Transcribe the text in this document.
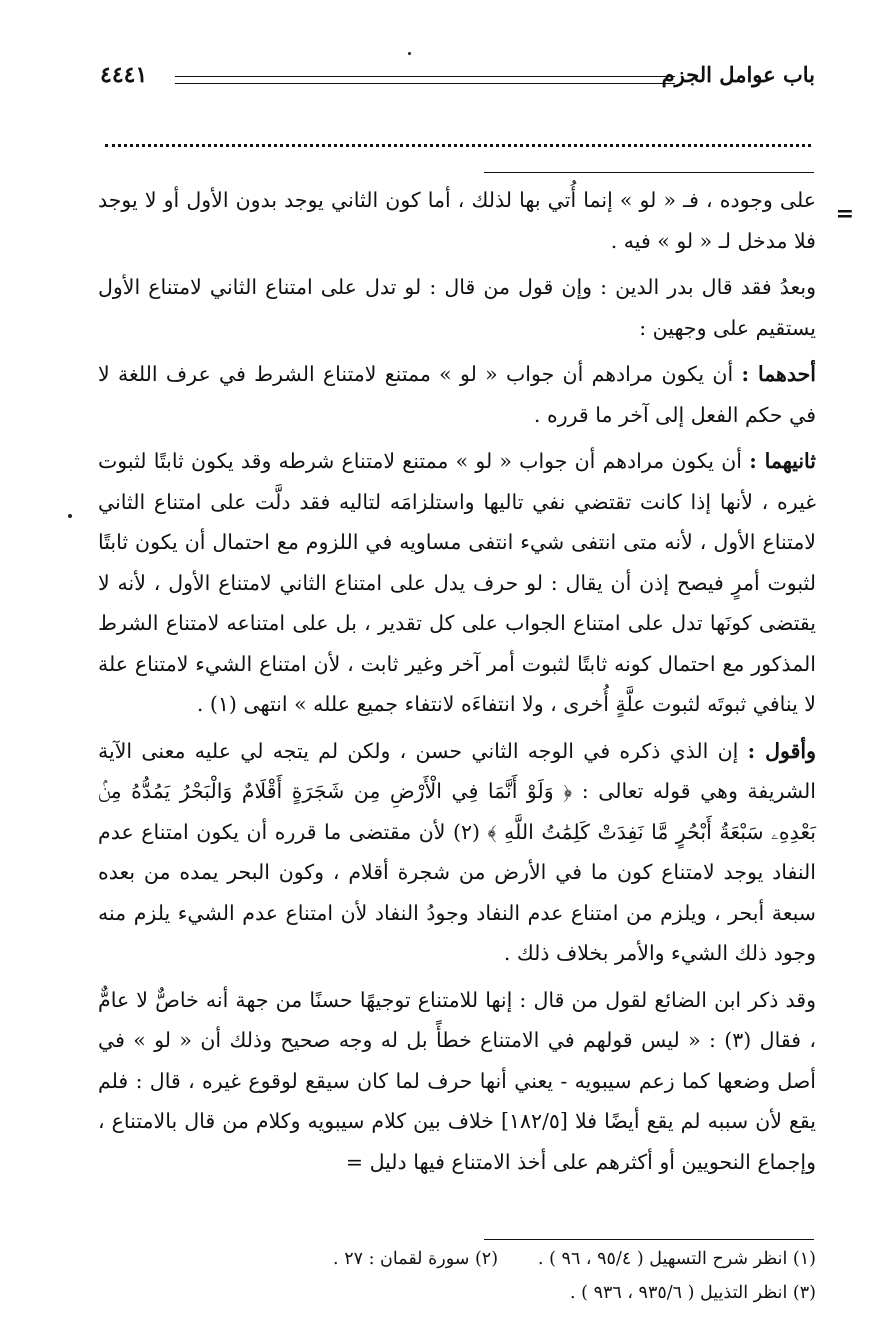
باب عوامل الجزم
٤٤٤١
=

على وجوده ، فـ « لو » إنما أُتي بها لذلك ، أما كون الثاني يوجد بدون الأول أو لا يوجد فلا مدخل لـ « لو » فيه .

وبعدُ فقد قال بدر الدين : وإن قول من قال : لو تدل على امتناع الثاني لامتناع الأول يستقيم على وجهين :

أحدهما : أن يكون مرادهم أن جواب « لو » ممتنع لامتناع الشرط في عرف اللغة لا في حكم الفعل إلى آخر ما قرره .

ثانيهما : أن يكون مرادهم أن جواب « لو » ممتنع لامتناع شرطه وقد يكون ثابتًا لثبوت غيره ، لأنها إذا كانت تقتضي نفي تاليها واستلزامَه لتاليه فقد دلَّت على امتناع الثاني لامتناع الأول ، لأنه متى انتفى شيء انتفى مساويه في اللزوم مع احتمال أن يكون ثابتًا لثبوت أمرٍ فيصح إذن أن يقال : لو حرف يدل على امتناع الثاني لامتناع الأول ، لأنه لا يقتضى كونَها تدل على امتناع الجواب على كل تقدير ، بل على امتناعه لامتناع الشرط المذكور مع احتمال كونه ثابتًا لثبوت أمر آخر وغير ثابت ، لأن امتناع الشيء لامتناع علة لا ينافي ثبوتَه لثبوت علَّةٍ أُخرى ، ولا انتفاءَه لانتفاء جميع علله » انتهى (١) .

وأقول : إن الذي ذكره في الوجه الثاني حسن ، ولكن لم يتجه لي عليه معنى الآية الشريفة وهي قوله تعالى : ﴿ وَلَوْ أَنَّمَا فِي الْأَرْضِ مِن شَجَرَةٍ أَقْلَامٌ وَالْبَحْرُ يَمُدُّهُ مِنۢ بَعْدِهِۦ سَبْعَةُ أَبْحُرٍ مَّا نَفِدَتْ كَلِمَٰتُ اللَّهِ ﴾ (٢) لأن مقتضى ما قرره أن يكون امتناع عدم النفاد يوجد لامتناع كون ما في الأرض من شجرة أقلام ، وكون البحر يمده من بعده سبعة أبحر ، ويلزم من امتناع عدم النفاد وجودُ النفاد لأن امتناع عدم الشيء يلزم منه وجود ذلك الشيء والأمر بخلاف ذلك .

وقد ذكر ابن الضائع لقول من قال : إنها للامتناع توجيهًا حسنًا من جهة أنه خاصٌّ لا عامٌّ ، فقال (٣) : « ليس قولهم في الامتناع خطأً بل له وجه صحيح وذلك أن « لو » في أصل وضعها كما زعم سيبويه - يعني أنها حرف لما كان سيقع لوقوع غيره ، قال : فلم يقع لأن سببه لم يقع أيضًا فلا [١٨٢/٥] خلاف بين كلام سيبويه وكلام من قال بالامتناع ، وإجماع النحويين أو أكثرهم على أخذ الامتناع فيها دليل =

(١) انظر شرح التسهيل ( ٩٥/٤ ، ٩٦ ) .
(٢) سورة لقمان : ٢٧ .
(٣) انظر التذييل ( ٩٣٥/٦ ، ٩٣٦ ) .
